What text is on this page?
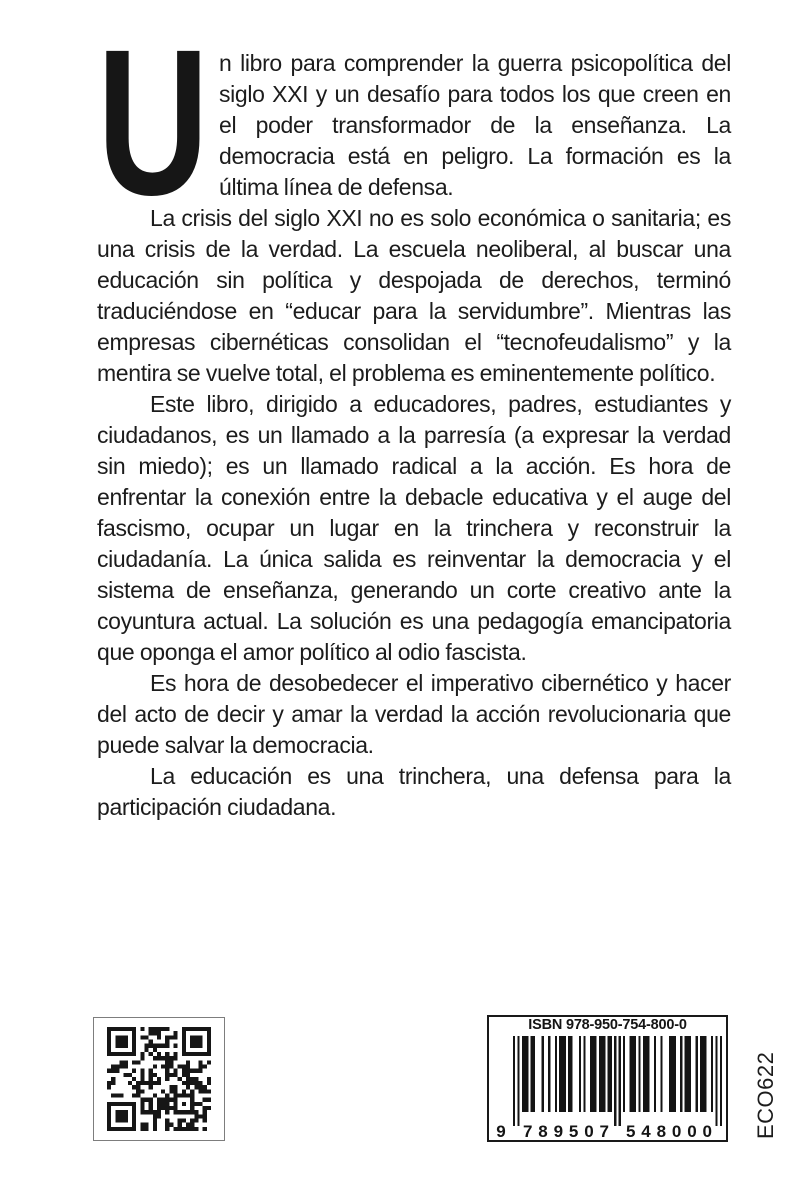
U n libro para comprender la guerra psicopolítica del siglo XXI y un desafío para todos los que creen en el poder transformador de la enseñanza. La democracia está en peligro. La formación es la última línea de defensa.

La crisis del siglo XXI no es solo económica o sanitaria; es una crisis de la verdad. La escuela neoliberal, al buscar una educación sin política y despojada de derechos, terminó traduciéndose en “educar para la servidumbre”. Mientras las empresas cibernéticas consolidan el “tecnofeudalismo” y la mentira se vuelve total, el problema es eminentemente político.

Este libro, dirigido a educadores, padres, estudiantes y ciudadanos, es un llamado a la parresía (a expresar la verdad sin miedo); es un llamado radical a la acción. Es hora de enfrentar la conexión entre la debacle educativa y el auge del fascismo, ocupar un lugar en la trinchera y reconstruir la ciudadanía. La única salida es reinventar la democracia y el sistema de enseñanza, generando un corte creativo ante la coyuntura actual. La solución es una pedagogía emancipatoria que oponga el amor político al odio fascista.

Es hora de desobedecer el imperativo cibernético y hacer del acto de decir y amar la verdad la acción revolucionaria que puede salvar la democracia.

La educación es una trinchera, una defensa para la participación ciudadana.

ISBN 978-950-754-800-0
9 789507 548000 ECO622
